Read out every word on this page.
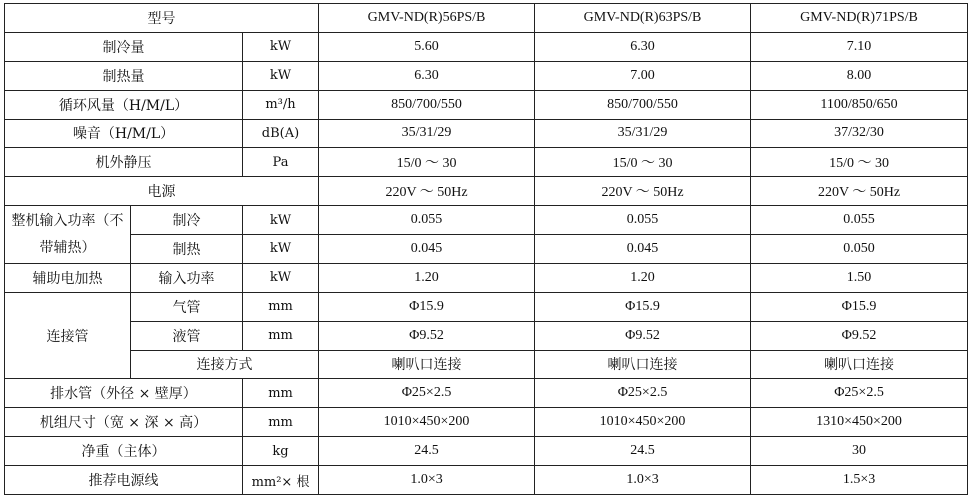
型号			GMV-ND(R)56PS/B	GMV-ND(R)63PS/B	GMV-ND(R)71PS/B
制冷量		kW	5.60	6.30	7.10
制热量		kW	6.30	7.00	8.00
循环风量（H/M/L）		m³/h	850/700/550	850/700/550	1100/850/650
噪音（H/M/L）		dB(A)	35/31/29	35/31/29	37/32/30
机外静压		Pa	15/0 ～ 30	15/0 ～ 30	15/0 ～ 30
电源			220V ～ 50Hz	220V ～ 50Hz	220V ～ 50Hz
整机输入功率（不带辅热）	制冷	kW	0.055	0.055	0.055
	制热	kW	0.045	0.045	0.050
辅助电加热	输入功率	kW	1.20	1.20	1.50
连接管	气管	mm	Φ15.9	Φ15.9	Φ15.9
	液管	mm	Φ9.52	Φ9.52	Φ9.52
	连接方式		喇叭口连接	喇叭口连接	喇叭口连接
排水管（外径 × 壁厚）		mm	Φ25×2.5	Φ25×2.5	Φ25×2.5
机组尺寸（宽 × 深 × 高）		mm	1010×450×200	1010×450×200	1310×450×200
净重（主体）		kg	24.5	24.5	30
推荐电源线		mm²× 根	1.0×3	1.0×3	1.5×3
